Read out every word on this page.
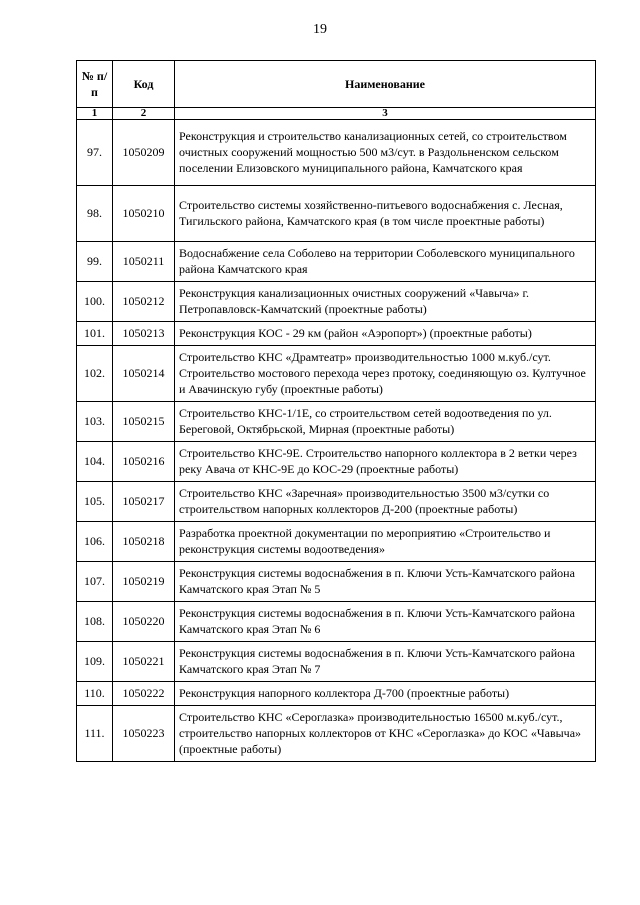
19
№ п/п	Код	Наименование
1	2	3
97.	1050209	Реконструкция и строительство канализационных сетей, со строительством очистных сооружений мощностью 500 м3/сут. в Раздольненском сельском поселении Елизовского муниципального района, Камчатского края
98.	1050210	Строительство системы хозяйственно-питьевого водоснабжения с. Лесная, Тигильского района, Камчатского края (в том числе проектные работы)
99.	1050211	Водоснабжение села Соболево на территории Соболевского муниципального района Камчатского края
100.	1050212	Реконструкция канализационных очистных сооружений «Чавыча» г. Петропавловск-Камчатский (проектные работы)
101.	1050213	Реконструкция КОС - 29 км (район «Аэропорт») (проектные работы)
102.	1050214	Строительство КНС «Драмтеатр» производительностью 1000 м.куб./сут. Строительство мостового перехода через протоку, соединяющую оз. Култучное и Авачинскую губу (проектные работы)
103.	1050215	Строительство КНС-1/1Е, со строительством сетей водоотведения по ул. Береговой, Октябрьской, Мирная (проектные работы)
104.	1050216	Строительство КНС-9Е. Строительство напорного коллектора в 2 ветки через реку Авача от КНС-9Е до КОС-29 (проектные работы)
105.	1050217	Строительство КНС «Заречная» производительностью 3500 м3/сутки со строительством напорных коллекторов Д-200 (проектные работы)
106.	1050218	Разработка проектной документации по мероприятию «Строительство и реконструкция системы водоотведения»
107.	1050219	Реконструкция системы водоснабжения в п. Ключи Усть-Камчатского района Камчатского края Этап № 5
108.	1050220	Реконструкция системы водоснабжения в п. Ключи Усть-Камчатского района Камчатского края Этап № 6
109.	1050221	Реконструкция системы водоснабжения в п. Ключи Усть-Камчатского района Камчатского края Этап № 7
110.	1050222	Реконструкция напорного коллектора Д-700 (проектные работы)
111.	1050223	Строительство КНС «Сероглазка» производительностью 16500 м.куб./сут., строительство напорных коллекторов от КНС «Сероглазка» до КОС «Чавыча» (проектные работы)
